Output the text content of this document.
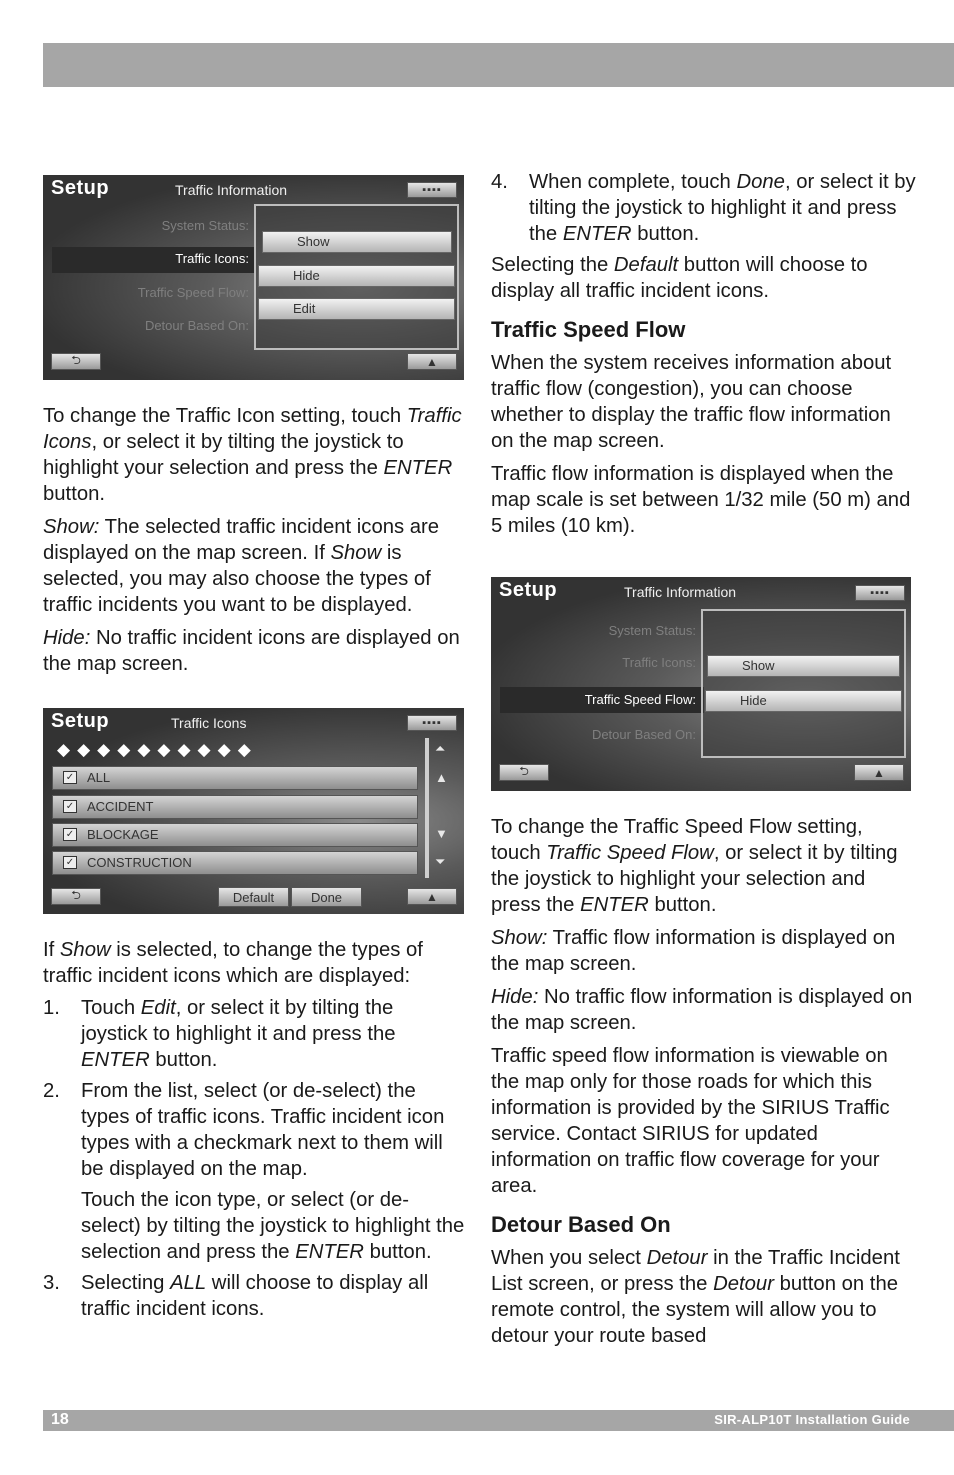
Setup	Traffic Information	▪▪▪▪
System Status:
Traffic Icons:
Traffic Speed Flow:
Detour Based On:
Show
Hide
Edit
⮌	▲

To change the Traffic Icon setting, touch Traffic Icons, or select it by tilting the joystick to highlight your selection and press the ENTER button.

Show: The selected traffic incident icons are displayed on the map screen. If Show is selected, you may also choose the types of traffic incidents you want to be displayed.

Hide: No traffic incident icons are displayed on the map screen.

Setup	Traffic Icons	▪▪▪▪
◆◆◆◆◆◆◆◆◆◆
✓ ALL
✓ ACCIDENT
✓ BLOCKAGE
✓ CONSTRUCTION
⏶
▲
▼
⏷
⮌	Default	Done	▲

If Show is selected, to change the types of traffic incident icons which are displayed:

1. Touch Edit, or select it by tilting the joystick to highlight it and press the ENTER button.
2. From the list, select (or de-select) the types of traffic icons. Traffic incident icon types with a checkmark next to them will be displayed on the map.
Touch the icon type, or select (or de-select) by tilting the joystick to highlight the selection and press the ENTER button.
3. Selecting ALL will choose to display all traffic incident icons.
4. When complete, touch Done, or select it by tilting the joystick to highlight it and press the ENTER button.

Selecting the Default button will choose to display all traffic incident icons.

Traffic Speed Flow

When the system receives information about traffic flow (congestion), you can choose whether to display the traffic flow information on the map screen.

Traffic flow information is displayed when the map scale is set between 1/32 mile (50 m) and 5 miles (10 km).

Setup	Traffic Information	▪▪▪▪
System Status:
Traffic Icons:
Traffic Speed Flow:
Detour Based On:
Show
Hide
⮌	▲

To change the Traffic Speed Flow setting, touch Traffic Speed Flow, or select it by tilting the joystick to highlight your selection and press the ENTER button.

Show: Traffic flow information is displayed on the map screen.

Hide: No traffic flow information is displayed on the map screen.

Traffic speed flow information is viewable on the map only for those roads for which this information is provided by the SIRIUS Traffic service. Contact SIRIUS for updated information on traffic flow coverage for your area.

Detour Based On

When you select Detour in the Traffic Incident List screen, or press the Detour button on the remote control, the system will allow you to detour your route based

18	SIR-ALP10T Installation Guide
